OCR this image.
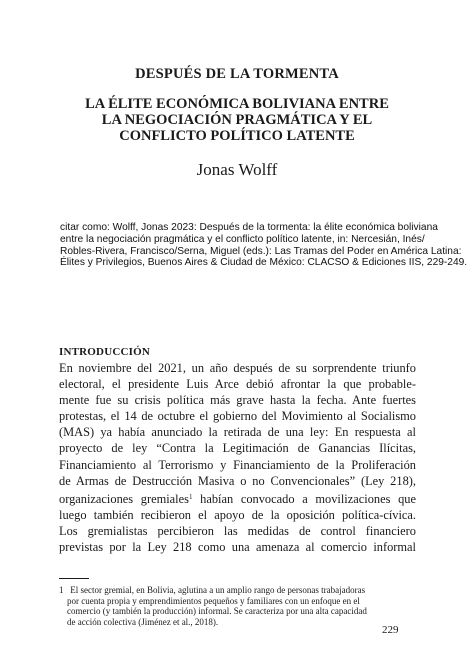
DESPUÉS DE LA TORMENTA
LA ÉLITE ECONÓMICA BOLIVIANA ENTRE
LA NEGOCIACIÓN PRAGMÁTICA Y EL
CONFLICTO POLÍTICO LATENTE
Jonas Wolff
citar como: Wolff, Jonas 2023: Después de la tormenta: la élite económica boliviana
entre la negociación pragmática y el conflicto político latente, in: Nercesián, Inés/
Robles-Rivera, Francisco/Serna, Miguel (eds.): Las Tramas del Poder en América Latina:
Élites y Privilegios, Buenos Aires & Ciudad de México: CLACSO & Ediciones IIS, 229-249.
INTRODUCCIÓN
En noviembre del 2021, un año después de su sorprendente triunfo
electoral, el presidente Luis Arce debió afrontar la que probable-
mente fue su crisis política más grave hasta la fecha. Ante fuertes
protestas, el 14 de octubre el gobierno del Movimiento al Socialismo
(MAS) ya había anunciado la retirada de una ley: En respuesta al
proyecto de ley “Contra la Legitimación de Ganancias Ilícitas,
Financiamiento al Terrorismo y Financiamiento de la Proliferación
de Armas de Destrucción Masiva o no Convencionales” (Ley 218),
organizaciones gremiales$^1$ habían convocado a movilizaciones que
luego también recibieron el apoyo de la oposición política-cívica.
Los gremialistas percibieron las medidas de control financiero
previstas por la Ley 218 como una amenaza al comercio informal
1 El sector gremial, en Bolivia, aglutina a un amplio rango de personas trabajadoras
por cuenta propia y emprendimientos pequeños y familiares con un enfoque en el
comercio (y también la producción) informal. Se caracteriza por una alta capacidad
de acción colectiva (Jiménez et al., 2018).
229
